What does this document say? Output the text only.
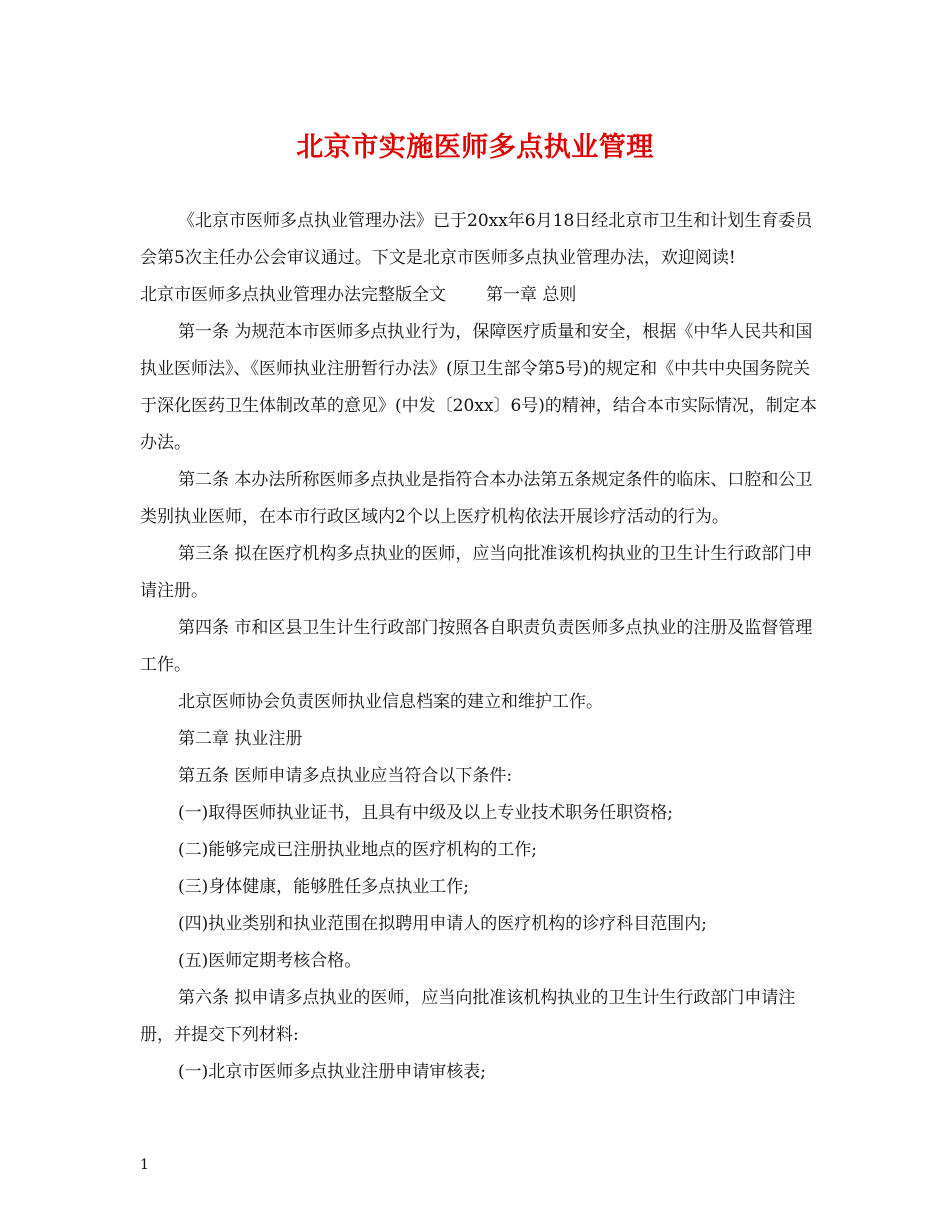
北京市实施医师多点执业管理

《北京市医师多点执业管理办法》已于20xx年6月18日经北京市卫生和计划生育委员会第5次主任办公会审议通过。下文是北京市医师多点执业管理办法，欢迎阅读!

北京市医师多点执业管理办法完整版全文 第一章 总则

第一条 为规范本市医师多点执业行为，保障医疗质量和安全，根据《中华人民共和国执业医师法》、《医师执业注册暂行办法》(原卫生部令第5号)的规定和《中共中央国务院关于深化医药卫生体制改革的意见》(中发〔20xx〕6号)的精神，结合本市实际情况，制定本办法。

第二条 本办法所称医师多点执业是指符合本办法第五条规定条件的临床、口腔和公卫类别执业医师，在本市行政区域内2个以上医疗机构依法开展诊疗活动的行为。

第三条 拟在医疗机构多点执业的医师，应当向批准该机构执业的卫生计生行政部门申请注册。

第四条 市和区县卫生计生行政部门按照各自职责负责医师多点执业的注册及监督管理工作。

北京医师协会负责医师执业信息档案的建立和维护工作。

第二章 执业注册

第五条 医师申请多点执业应当符合以下条件:

(一)取得医师执业证书，且具有中级及以上专业技术职务任职资格;

(二)能够完成已注册执业地点的医疗机构的工作;

(三)身体健康，能够胜任多点执业工作;

(四)执业类别和执业范围在拟聘用申请人的医疗机构的诊疗科目范围内;

(五)医师定期考核合格。

第六条 拟申请多点执业的医师，应当向批准该机构执业的卫生计生行政部门申请注册，并提交下列材料:

(一)北京市医师多点执业注册申请审核表;

1
